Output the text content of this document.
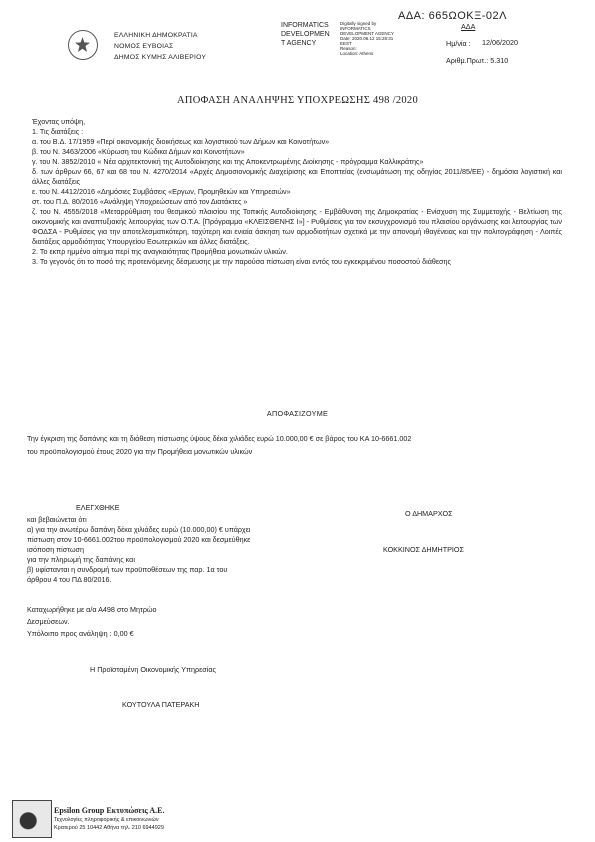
ΕΛΛΗΝΙΚΗ ΔΗΜΟΚΡΑΤΙΑ
ΝΟΜΟΣ ΕΥΒΟΙΑΣ
ΔΗΜΟΣ ΚΥΜΗΣ ΑΛΙΒΕΡΙΟΥ
INFORMATICS
DEVELOPMEN
T AGENCY
Digitally signed by
INFORMATICS
DEVELOPMENT AGENCY
Date: 2020.06.12 15:28:31
EEST
Reason:
Location: Athens
ΑΔΑ: 665ΩΟΚΞ-02Λ
ΑΔΑ
Ημ/νία : 12/06/2020
Αριθμ.Πρωτ.: 5.310
ΑΠΟΦΑΣΗ ΑΝΑΛΗΨΗΣ ΥΠΟΧΡΕΩΣΗΣ 498 /2020
Έχοντας υπόψη,
1. Τις διατάξεις :
α. του Β.Δ. 17/1959 «Περί οικονομικής διοικήσεως και λογιστικού των Δήμων και Κοινοτήτων»
β. του Ν. 3463/2006 «Κύρωση του Κώδικα Δήμων και Κοινοτήτων»
γ. του Ν. 3852/2010 « Νέα αρχιτεκτονική της Αυτοδιοίκησης και της Αποκεντρωμένης Διοίκησης - πρόγραμμα Καλλικράτης»
δ. των άρθρων 66, 67 και 68 του Ν. 4270/2014 «Αρχές Δημοσιονομικής Διαχείρισης και Εποπτείας (ενσωμάτωση της οδηγίας 2011/85/ΕΕ) - δημόσια λογιστική και άλλες διατάξεις
ε. του Ν. 4412/2016 «Δημόσιες Συμβάσεις «Εργων, Προμηθειών και Υπηρεσιών»
στ. του Π.Δ. 80/2016 «Ανάληψη Υποχρεώσεων από τον Διατάκτες »
ζ. του Ν. 4555/2018 «Μεταρρύθμιση του θεσμικού πλαισίου της Τοπικής Αυτοδιοίκησης - Εμβάθυνση της Δημοκρατίας - Ενίσχυση της Συμμετοχής - Βελτίωση της οικονομικής και αναπτυξιακής λειτουργίας των Ο.Τ.Α. [Πρόγραμμα «ΚΛΕΙΣΘΕΝΗΣ Ι»] - Ρυθμίσεις για τον εκσυγχρονισμό του πλαισίου οργάνωσης και λειτουργίας των ΦΟΔΣΑ - Ρυθμίσεις για την αποτελεσματικότερη, ταχύτερη και ενιαία άσκηση των αρμοδιοτήτων σχετικά με την απονομή ιθαγένειας και την πολιτογράφηση - Λοιπές διατάξεις αρμοδιότητας Υπουργείου Εσωτερικών και άλλες διατάξεις.
2. Το εκπρ ημμένο αίτημα περί της αναγκαιότητας Προμήθεια μονωτικών υλικών.
3. Το γεγονός ότι το ποσό της προτεινόμενης δέσμευσης με την παρούσα πίστωση είναι εντός του εγκεκριμένου ποσοστού διάθεσης
ΑΠΟΦΑΣΙΖΟΥΜΕ
Την έγκριση της δαπάνης και τη διάθεση πίστωσης ύψους δέκα χιλιάδες ευρώ 10.000,00 € σε βάρος του ΚΑ 10-6661.002
του προϋπολογισμού έτους 2020 για την Προμήθεια μονωτικών υλικών
ΕΛΕΓΧΘΗΚΕ
και βεβαιώνεται ότι
α) για την ανωτέρω δαπάνη δέκα χιλιάδες ευρώ (10.000,00) € υπάρχει
πίστωση στον 10-6661.002του προϋπολογισμού 2020 και δεσμεύθηκε
ισόποση πίστωση
για την πληρωμή της δαπάνης και
β) υφίστανται η συνδρομή των προϋποθέσεων της παρ. 1α του
άρθρου 4 του ΠΔ 80/2016.
Καταχωρήθηκε με α/α Α498 στο Μητρώο
Δεσμεύσεων.
Υπόλοιπο προς ανάληψη : 0,00 €
Η Προϊσταμένη Οικονομικής Υπηρεσίας
ΚΟΥΤΟΥΛΑ ΠΑΤΕΡΑΚΗ
Ο ΔΗΜΑΡΧΟΣ
ΚΟΚΚΙΝΟΣ ΔΗΜΗΤΡΙΟΣ
Epsilon Group Εκτυπώσεις Α.Ε.
Τεχνολογίες πληροφορικής & επικοινωνιών
Κρατερού 25 10442 Αθήνα τηλ. 210 6944929
